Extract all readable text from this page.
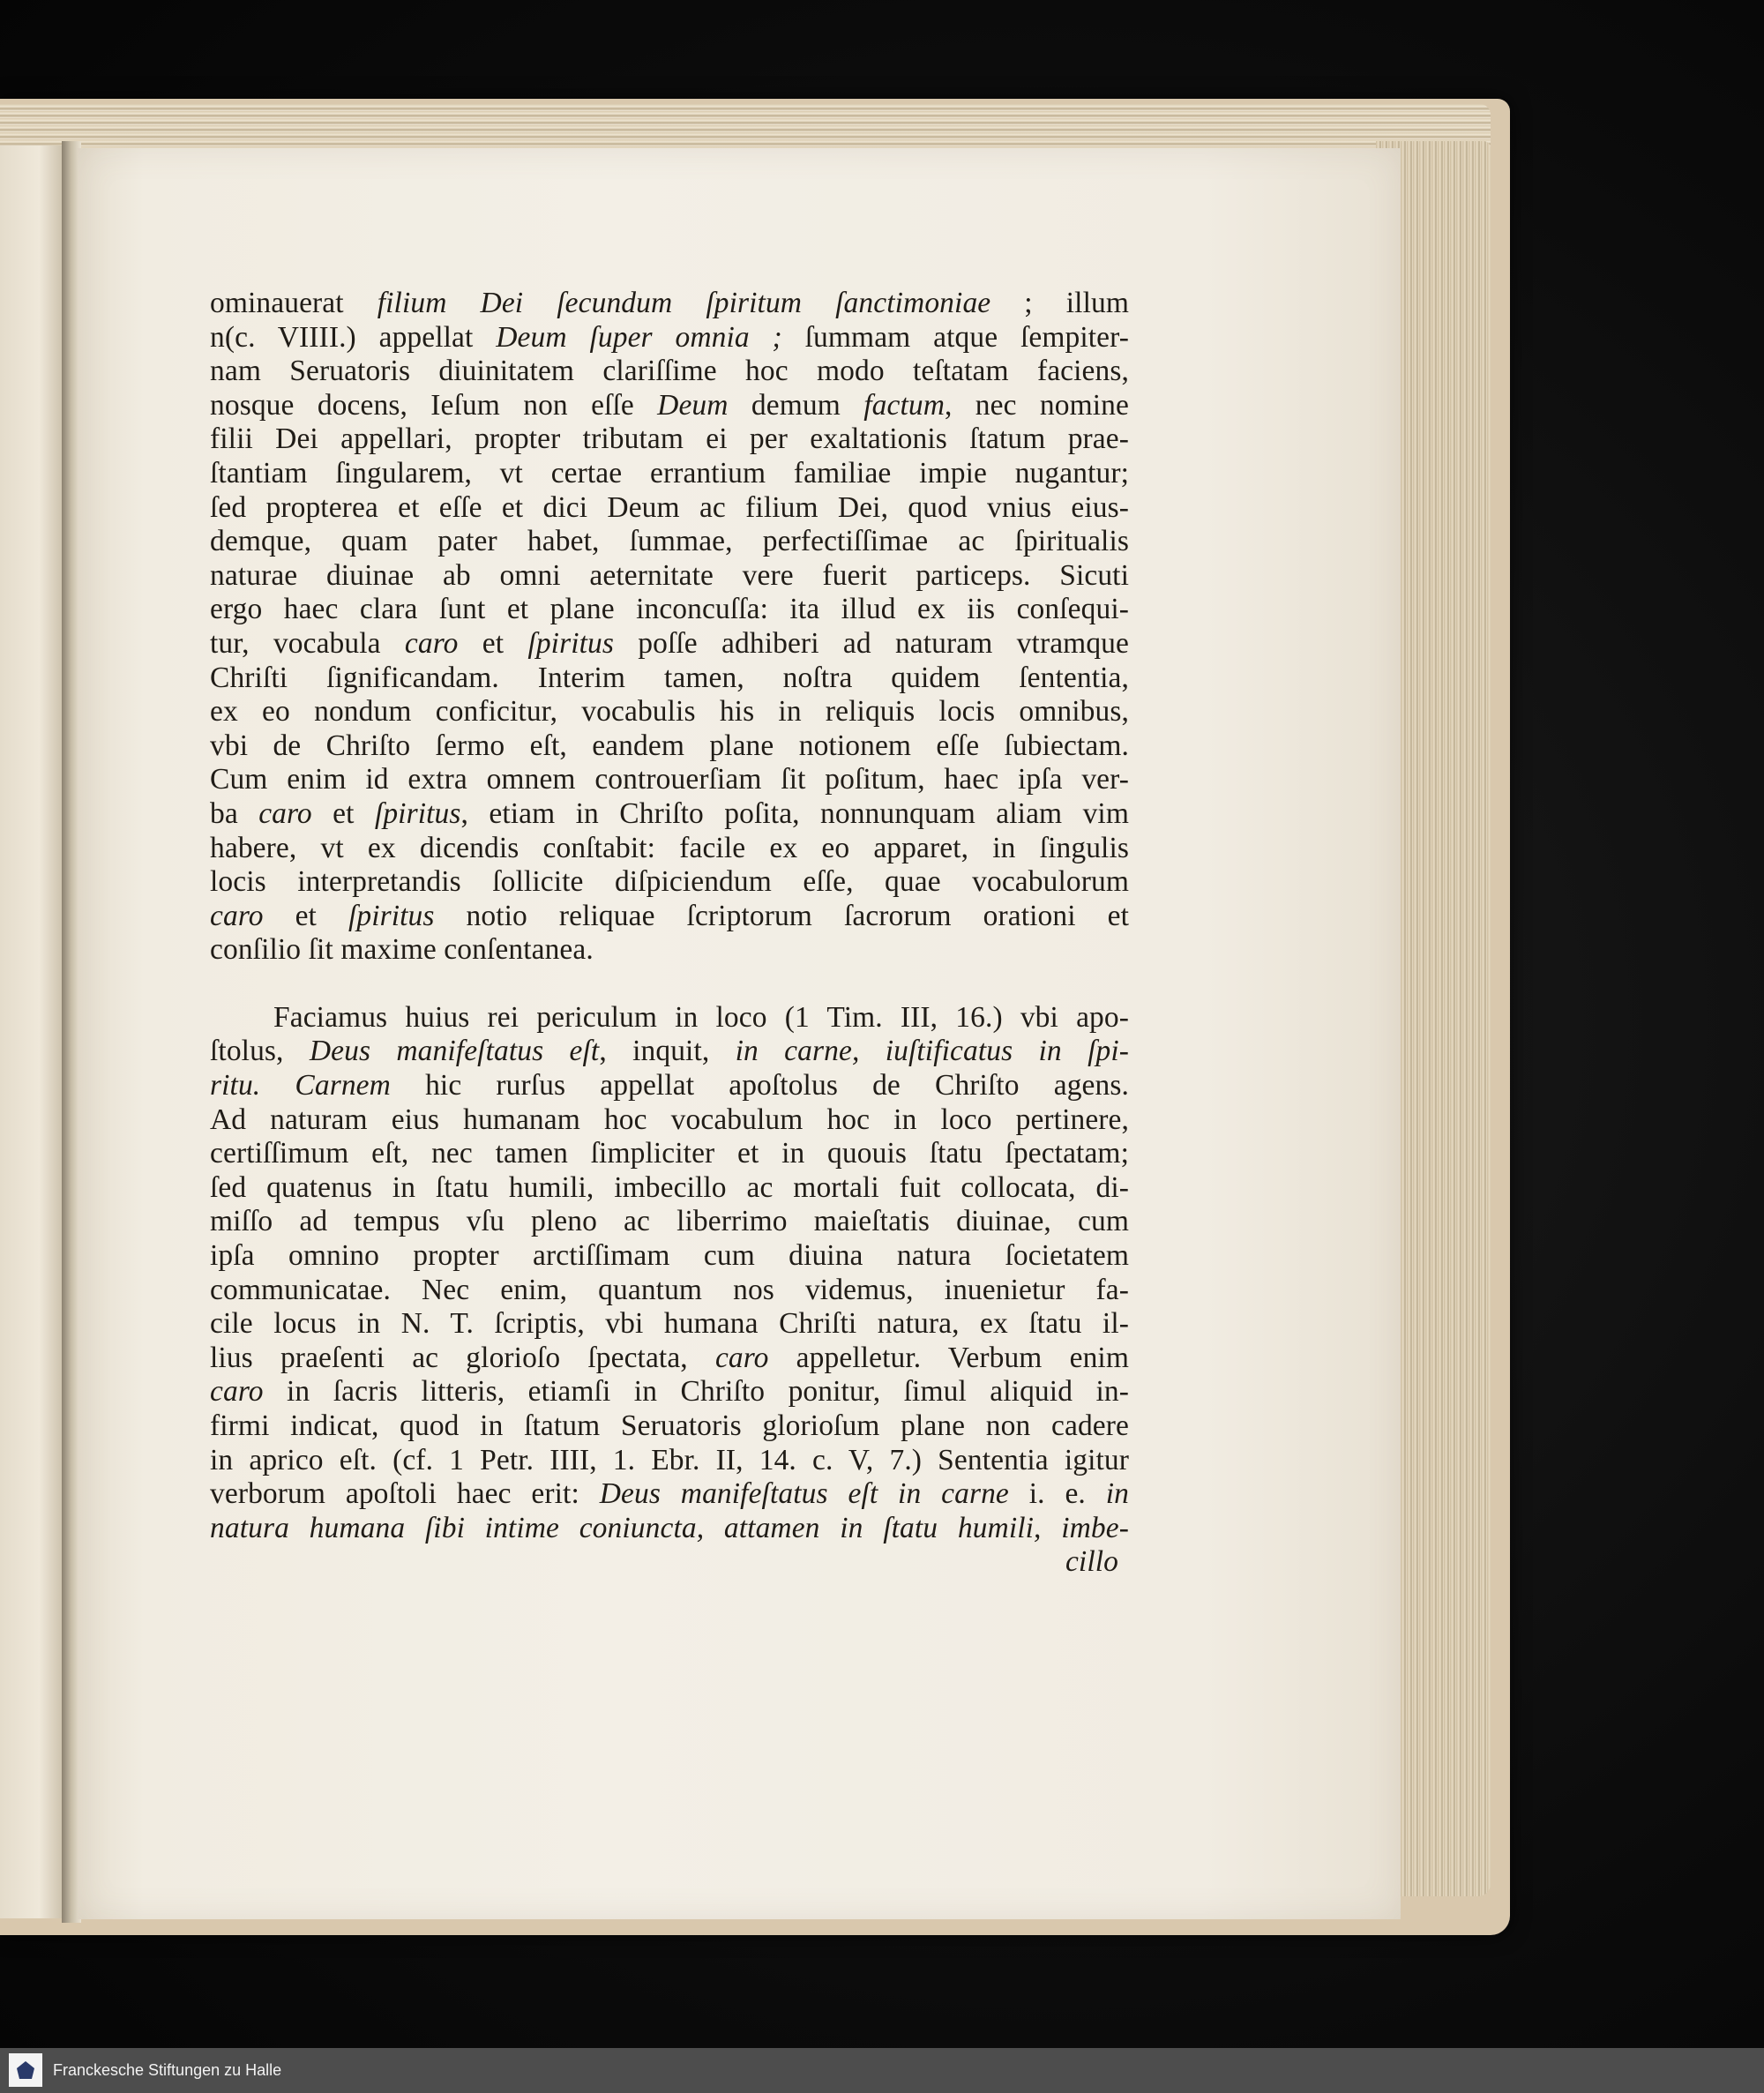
ominauerat filium Dei ſecundum ſpiritum ſanctimoniae ; illum
n(c. VIIII.) appellat Deum ſuper omnia ; ſummam atque ſempiter-
nam Seruatoris diuinitatem clariſſime hoc modo teſtatam faciens,
nosque docens, Ieſum non eſſe Deum demum factum, nec nomine
filii Dei appellari, propter tributam ei per exaltationis ſtatum prae-
ſtantiam ſingularem, vt certae errantium familiae impie nugantur;
ſed propterea et eſſe et dici Deum ac filium Dei, quod vnius eius-
demque, quam pater habet, ſummae, perfectiſſimae ac ſpiritualis
naturae diuinae ab omni aeternitate vere fuerit particeps. Sicuti
ergo haec clara ſunt et plane inconcuſſa: ita illud ex iis conſequi-
tur, vocabula caro et ſpiritus poſſe adhiberi ad naturam vtramque
Chriſti ſignificandam. Interim tamen, noſtra quidem ſententia,
ex eo nondum conficitur, vocabulis his in reliquis locis omnibus,
vbi de Chriſto ſermo eſt, eandem plane notionem eſſe ſubiectam.
Cum enim id extra omnem controuerſiam ſit poſitum, haec ipſa ver-
ba caro et ſpiritus, etiam in Chriſto poſita, nonnunquam aliam vim
habere, vt ex dicendis conſtabit: facile ex eo apparet, in ſingulis
locis interpretandis ſollicite diſpiciendum eſſe, quae vocabulorum
caro et ſpiritus notio reliquae ſcriptorum ſacrorum orationi et
conſilio ſit maxime conſentanea.
Faciamus huius rei periculum in loco (1 Tim. III, 16.) vbi apo-
ſtolus, Deus manifeſtatus eſt, inquit, in carne, iuſtificatus in ſpi-
ritu. Carnem hic rurſus appellat apoſtolus de Chriſto agens.
Ad naturam eius humanam hoc vocabulum hoc in loco pertinere,
certiſſimum eſt, nec tamen ſimpliciter et in quouis ſtatu ſpectatam;
ſed quatenus in ſtatu humili, imbecillo ac mortali fuit collocata, di-
miſſo ad tempus vſu pleno ac liberrimo maieſtatis diuinae, cum
ipſa omnino propter arctiſſimam cum diuina natura ſocietatem
communicatae. Nec enim, quantum nos videmus, inuenietur fa-
cile locus in N. T. ſcriptis, vbi humana Chriſti natura, ex ſtatu il-
lius praeſenti ac glorioſo ſpectata, caro appelletur. Verbum enim
caro in ſacris litteris, etiamſi in Chriſto ponitur, ſimul aliquid in-
firmi indicat, quod in ſtatum Seruatoris glorioſum plane non cadere
in aprico eſt. (cf. 1 Petr. IIII, 1. Ebr. II, 14. c. V, 7.) Sententia igitur
verborum apoſtoli haec erit: Deus manifeſtatus eſt in carne i. e. in
natura humana ſibi intime coniuncta, attamen in ſtatu humili, imbe-
cillo
Franckesche Stiftungen zu Halle
